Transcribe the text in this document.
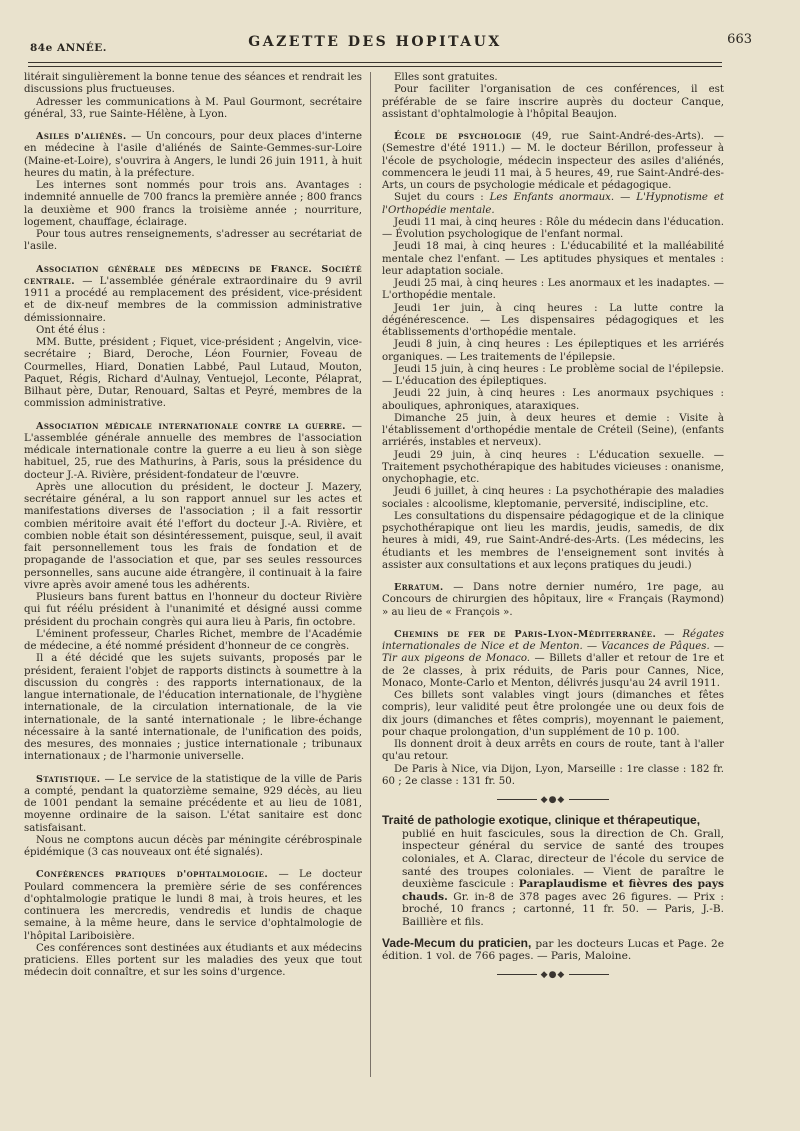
84e ANNÉE.	GAZETTE DES HOPITAUX	663

litérait singulièrement la bonne tenue des séances et rendrait les discussions plus fructueuses.

Adresser les communications à M. Paul Gourmont, secrétaire général, 33, rue Sainte-Hélène, à Lyon.

Asiles d'aliénés. — Un concours, pour deux places d'interne en médecine à l'asile d'aliénés de Sainte-Gemmes-sur-Loire (Maine-et-Loire), s'ouvrira à Angers, le lundi 26 juin 1911, à huit heures du matin, à la préfecture.

Les internes sont nommés pour trois ans. Avantages : indemnité annuelle de 700 francs la première année ; 800 francs la deuxième et 900 francs la troisième année ; nourriture, logement, chauffage, éclairage.

Pour tous autres renseignements, s'adresser au secrétariat de l'asile.

Association générale des médecins de France. Société centrale. — L'assemblée générale extraordinaire du 9 avril 1911 a procédé au remplacement des président, vice-président et de dix-neuf membres de la commission administrative démissionnaire.

Ont été élus :

MM. Butte, président ; Fiquet, vice-président ; Angelvin, vice-secrétaire ; Biard, Deroche, Léon Fournier, Foveau de Courmelles, Hiard, Donatien Labbé, Paul Lutaud, Mouton, Paquet, Régis, Richard d'Aulnay, Ventuejol, Leconte, Pélaprat, Bilhaut père, Dutar, Renouard, Saltas et Peyré, membres de la commission administrative.

Association médicale internationale contre la guerre. — L'assemblée générale annuelle des membres de l'association médicale internationale contre la guerre a eu lieu à son siège habituel, 25, rue des Mathurins, à Paris, sous la présidence du docteur J.-A. Rivière, président-fondateur de l'œuvre.

Après une allocution du président, le docteur J. Mazery, secrétaire général, a lu son rapport annuel sur les actes et manifestations diverses de l'association ; il a fait ressortir combien méritoire avait été l'effort du docteur J.-A. Rivière, et combien noble était son désintéressement, puisque, seul, il avait fait personnellement tous les frais de fondation et de propagande de l'association et que, par ses seules ressources personnelles, sans aucune aide étrangère, il continuait à la faire vivre après avoir amené tous les adhérents.

Plusieurs bans furent battus en l'honneur du docteur Rivière qui fut réélu président à l'unanimité et désigné aussi comme président du prochain congrès qui aura lieu à Paris, fin octobre.

L'éminent professeur, Charles Richet, membre de l'Académie de médecine, a été nommé président d'honneur de ce congrès.

Il a été décidé que les sujets suivants, proposés par le président, feraient l'objet de rapports distincts à soumettre à la discussion du congrès : des rapports internationaux, de la langue internationale, de l'éducation internationale, de l'hygiène internationale, de la circulation internationale, de la vie internationale, de la santé internationale ; le libre-échange nécessaire à la santé internationale, de l'unification des poids, des mesures, des monnaies ; justice internationale ; tribunaux internationaux ; de l'harmonie universelle.

Statistique. — Le service de la statistique de la ville de Paris a compté, pendant la quatorzième semaine, 929 décès, au lieu de 1001 pendant la semaine précédente et au lieu de 1081, moyenne ordinaire de la saison. L'état sanitaire est donc satisfaisant.

Nous ne comptons aucun décès par méningite cérébrospinale épidémique (3 cas nouveaux ont été signalés).

Conférences pratiques d'ophtalmologie. — Le docteur Poulard commencera la première série de ses conférences d'ophtalmologie pratique le lundi 8 mai, à trois heures, et les continuera les mercredis, vendredis et lundis de chaque semaine, à la même heure, dans le service d'ophtalmologie de l'hôpital Lariboisière.

Ces conférences sont destinées aux étudiants et aux médecins praticiens. Elles portent sur les maladies des yeux que tout médecin doit connaître, et sur les soins d'urgence.

Elles sont gratuites.

Pour faciliter l'organisation de ces conférences, il est préférable de se faire inscrire auprès du docteur Canque, assistant d'ophtalmologie à l'hôpital Beaujon.

École de psychologie (49, rue Saint-André-des-Arts). — (Semestre d'été 1911.) — M. le docteur Bérillon, professeur à l'école de psychologie, médecin inspecteur des asiles d'aliénés, commencera le jeudi 11 mai, à 5 heures, 49, rue Saint-André-des-Arts, un cours de psychologie médicale et pédagogique.

Sujet du cours : Les Enfants anormaux. — L'Hypnotisme et l'Orthopédie mentale.

Jeudi 11 mai, à cinq heures : Rôle du médecin dans l'éducation. — Évolution psychologique de l'enfant normal.

Jeudi 18 mai, à cinq heures : L'éducabilité et la malléabilité mentale chez l'enfant. — Les aptitudes physiques et mentales : leur adaptation sociale.

Jeudi 25 mai, à cinq heures : Les anormaux et les inadaptes. — L'orthopédie mentale.

Jeudi 1er juin, à cinq heures : La lutte contre la dégénérescence. — Les dispensaires pédagogiques et les établissements d'orthopédie mentale.

Jeudi 8 juin, à cinq heures : Les épileptiques et les arriérés organiques. — Les traitements de l'épilepsie.

Jeudi 15 juin, à cinq heures : Le problème social de l'épilepsie. — L'éducation des épileptiques.

Jeudi 22 juin, à cinq heures : Les anormaux psychiques : abouliques, aphroniques, ataraxiques.

Dimanche 25 juin, à deux heures et demie : Visite à l'établissement d'orthopédie mentale de Créteil (Seine), (enfants arriérés, instables et nerveux).

Jeudi 29 juin, à cinq heures : L'éducation sexuelle. — Traitement psychothérapique des habitudes vicieuses : onanisme, onychophagie, etc.

Jeudi 6 juillet, à cinq heures : La psychothérapie des maladies sociales : alcoolisme, kleptomanie, perversité, indiscipline, etc.

Les consultations du dispensaire pédagogique et de la clinique psychothérapique ont lieu les mardis, jeudis, samedis, de dix heures à midi, 49, rue Saint-André-des-Arts. (Les médecins, les étudiants et les membres de l'enseignement sont invités à assister aux consultations et aux leçons pratiques du jeudi.)

Erratum. — Dans notre dernier numéro, 1re page, au Concours de chirurgien des hôpitaux, lire « Français (Raymond) » au lieu de « François ».

Chemins de fer de Paris-Lyon-Méditerranée. — Régates internationales de Nice et de Menton. — Vacances de Pâques. — Tir aux pigeons de Monaco. — Billets d'aller et retour de 1re et de 2e classes, à prix réduits, de Paris pour Cannes, Nice, Monaco, Monte-Carlo et Menton, délivrés jusqu'au 24 avril 1911.

Ces billets sont valables vingt jours (dimanches et fêtes compris), leur validité peut être prolongée une ou deux fois de dix jours (dimanches et fêtes compris), moyennant le paiement, pour chaque prolongation, d'un supplément de 10 p. 100.

Ils donnent droit à deux arrêts en cours de route, tant à l'aller qu'au retour.

De Paris à Nice, via Dijon, Lyon, Marseille : 1re classe : 182 fr. 60 ; 2e classe : 131 fr. 50.

◆●◆

Traité de pathologie exotique, clinique et thérapeutique,

publié en huit fascicules, sous la direction de Ch. Grall, inspecteur général du service de santé des troupes coloniales, et A. Clarac, directeur de l'école du service de santé des troupes coloniales. — Vient de paraître le deuxième fascicule : Paraplaudisme et fièvres des pays chauds. Gr. in-8 de 378 pages avec 26 figures. — Prix : broché, 10 francs ; cartonné, 11 fr. 50. — Paris, J.-B. Baillière et fils.

Vade-Mecum du praticien, par les docteurs Lucas et Page. 2e édition. 1 vol. de 766 pages. — Paris, Maloine.

◆●◆
